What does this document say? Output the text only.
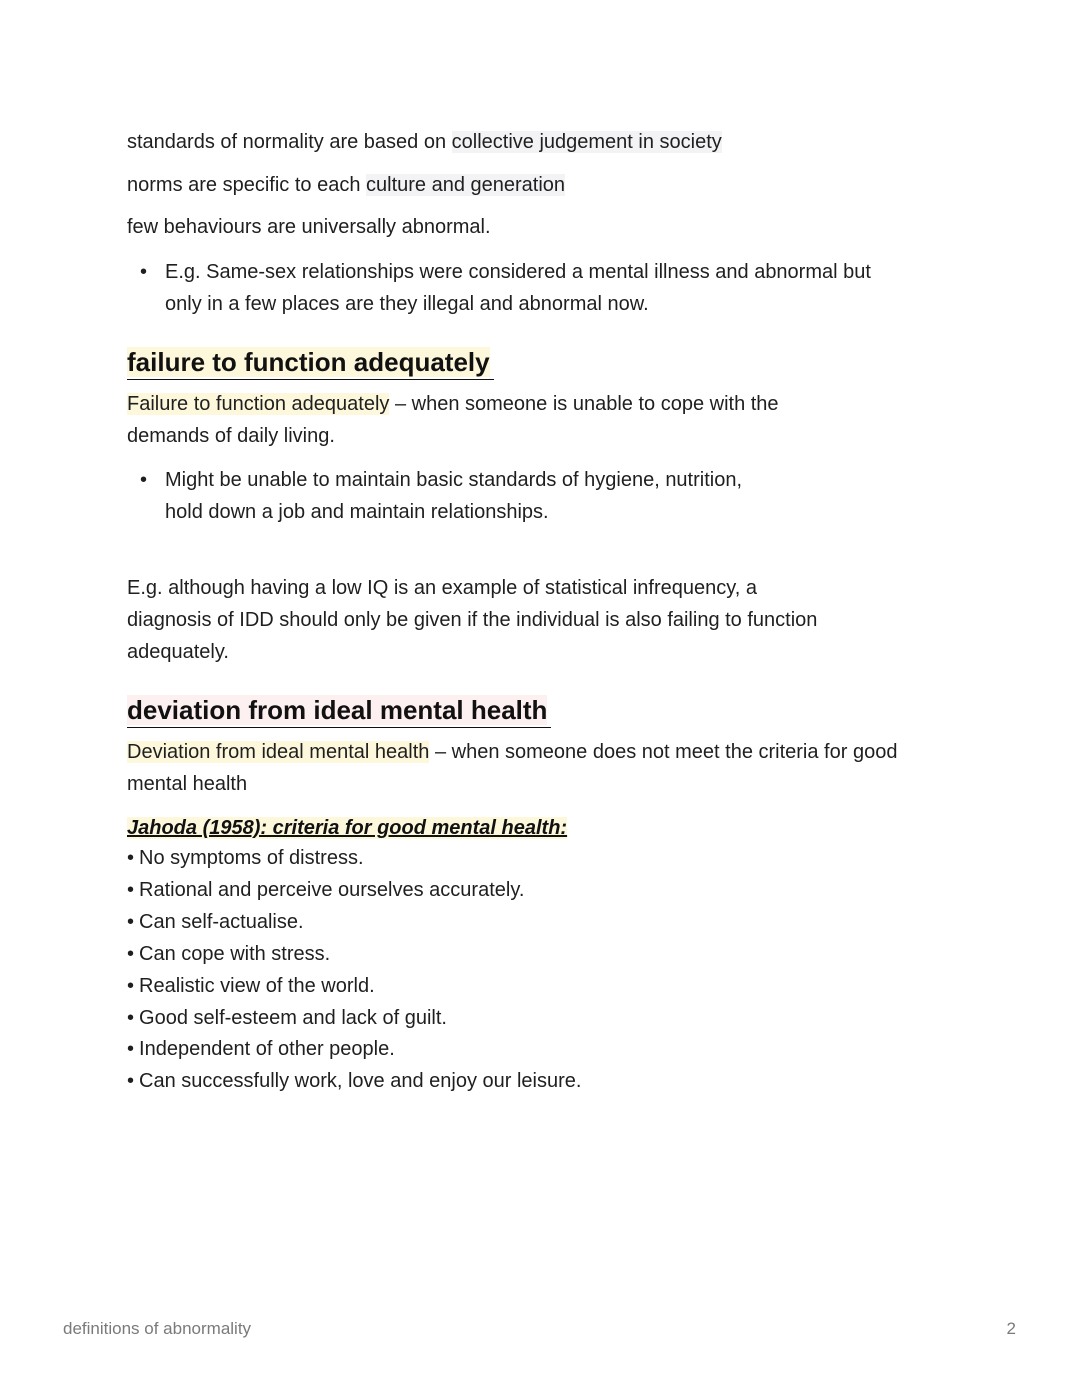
standards of normality are based on collective judgement in society

norms are specific to each culture and generation

few behaviours are universally abnormal.

• E.g. Same-sex relationships were considered a mental illness and abnormal but
only in a few places are they illegal and abnormal now.
failure to function adequately

Failure to function adequately – when someone is unable to cope with the

demands of daily living.

• Might be unable to maintain basic standards of hygiene, nutrition,
hold down a job and maintain relationships.

E.g. although having a low IQ is an example of statistical infrequency, a

diagnosis of IDD should only be given if the individual is also failing to function

adequately.

deviation from ideal mental health

Deviation from ideal mental health – when someone does not meet the criteria for good

mental health

Jahoda (1958): criteria for good mental health:
• No symptoms of distress.
• Rational and perceive ourselves accurately.
• Can self-actualise.
• Can cope with stress.
• Realistic view of the world.
• Good self-esteem and lack of guilt.
• Independent of other people.
• Can successfully work, love and enjoy our leisure.
definitions of abnormality	2
